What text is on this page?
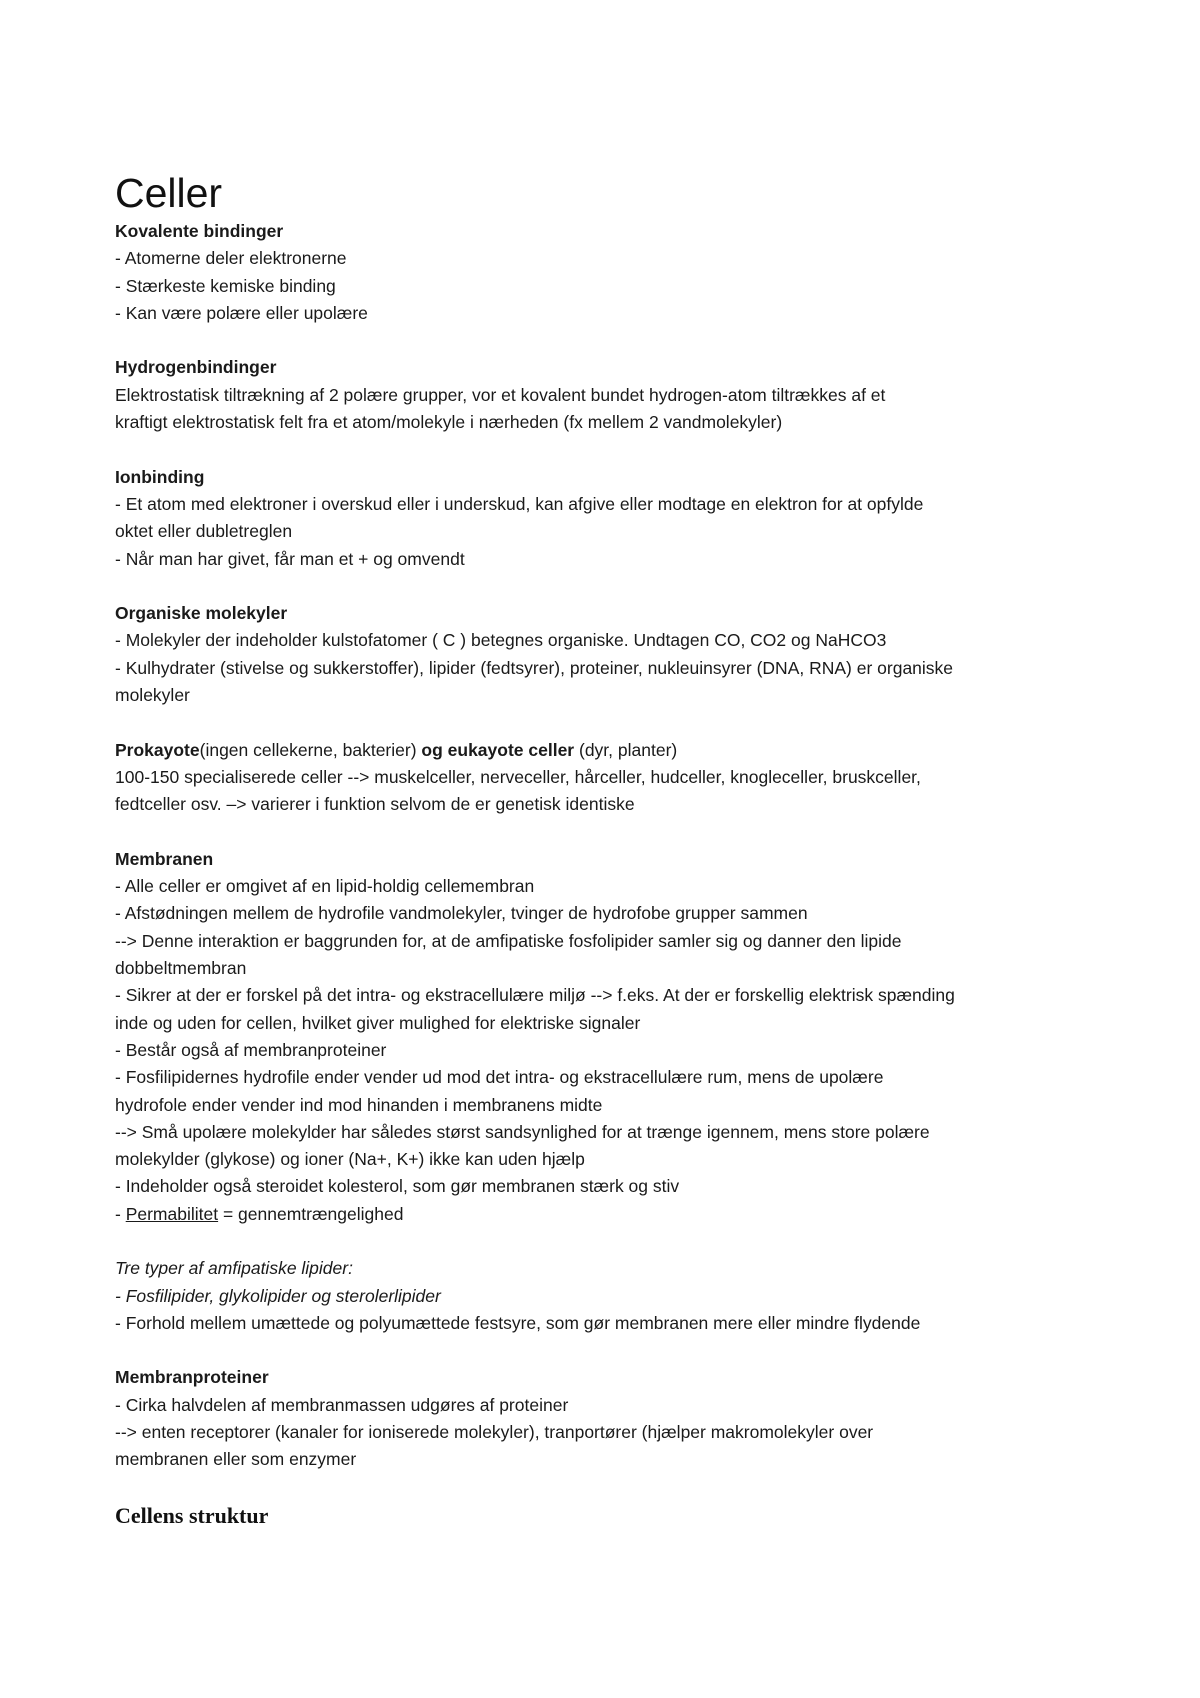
Celler

Kovalente bindinger

- Atomerne deler elektronerne

- Stærkeste kemiske binding

- Kan være polære eller upolære

Hydrogenbindinger

Elektrostatisk tiltrækning af 2 polære grupper, vor et kovalent bundet hydrogen-atom tiltrækkes af et

kraftigt elektrostatisk felt fra et atom/molekyle i nærheden (fx mellem 2 vandmolekyler)

Ionbinding

- Et atom med elektroner i overskud eller i underskud, kan afgive eller modtage en elektron for at opfylde

oktet eller dubletreglen

- Når man har givet, får man et + og omvendt

Organiske molekyler

- Molekyler der indeholder kulstofatomer ( C ) betegnes organiske. Undtagen CO, CO2 og NaHCO3

- Kulhydrater (stivelse og sukkerstoffer), lipider (fedtsyrer), proteiner, nukleuinsyrer (DNA, RNA) er organiske

molekyler

Prokayote(ingen cellekerne, bakterier) og eukayote celler (dyr, planter)

100-150 specialiserede celler --> muskelceller, nerveceller, hårceller, hudceller, knogleceller, bruskceller,

fedtceller osv. –> varierer i funktion selvom de er genetisk identiske

Membranen

- Alle celler er omgivet af en lipid-holdig cellemembran

- Afstødningen mellem de hydrofile vandmolekyler, tvinger de hydrofobe grupper sammen

--> Denne interaktion er baggrunden for, at de amfipatiske fosfolipider samler sig og danner den lipide

dobbeltmembran

- Sikrer at der er forskel på det intra- og ekstracellulære miljø --> f.eks. At der er forskellig elektrisk spænding

inde og uden for cellen, hvilket giver mulighed for elektriske signaler

- Består også af membranproteiner

- Fosfilipidernes hydrofile ender vender ud mod det intra- og ekstracellulære rum, mens de upolære

hydrofole ender vender ind mod hinanden i membranens midte

--> Små upolære molekylder har således størst sandsynlighed for at trænge igennem, mens store polære

molekylder (glykose) og ioner (Na+, K+) ikke kan uden hjælp

- Indeholder også steroidet kolesterol, som gør membranen stærk og stiv

- Permabilitet = gennemtrængelighed

Tre typer af amfipatiske lipider:

- Fosfilipider, glykolipider og sterolerlipider

- Forhold mellem umættede og polyumættede festsyre, som gør membranen mere eller mindre flydende

Membranproteiner

- Cirka halvdelen af membranmassen udgøres af proteiner

--> enten receptorer (kanaler for ioniserede molekyler), tranportører (hjælper makromolekyler over

membranen eller som enzymer

Cellens struktur
